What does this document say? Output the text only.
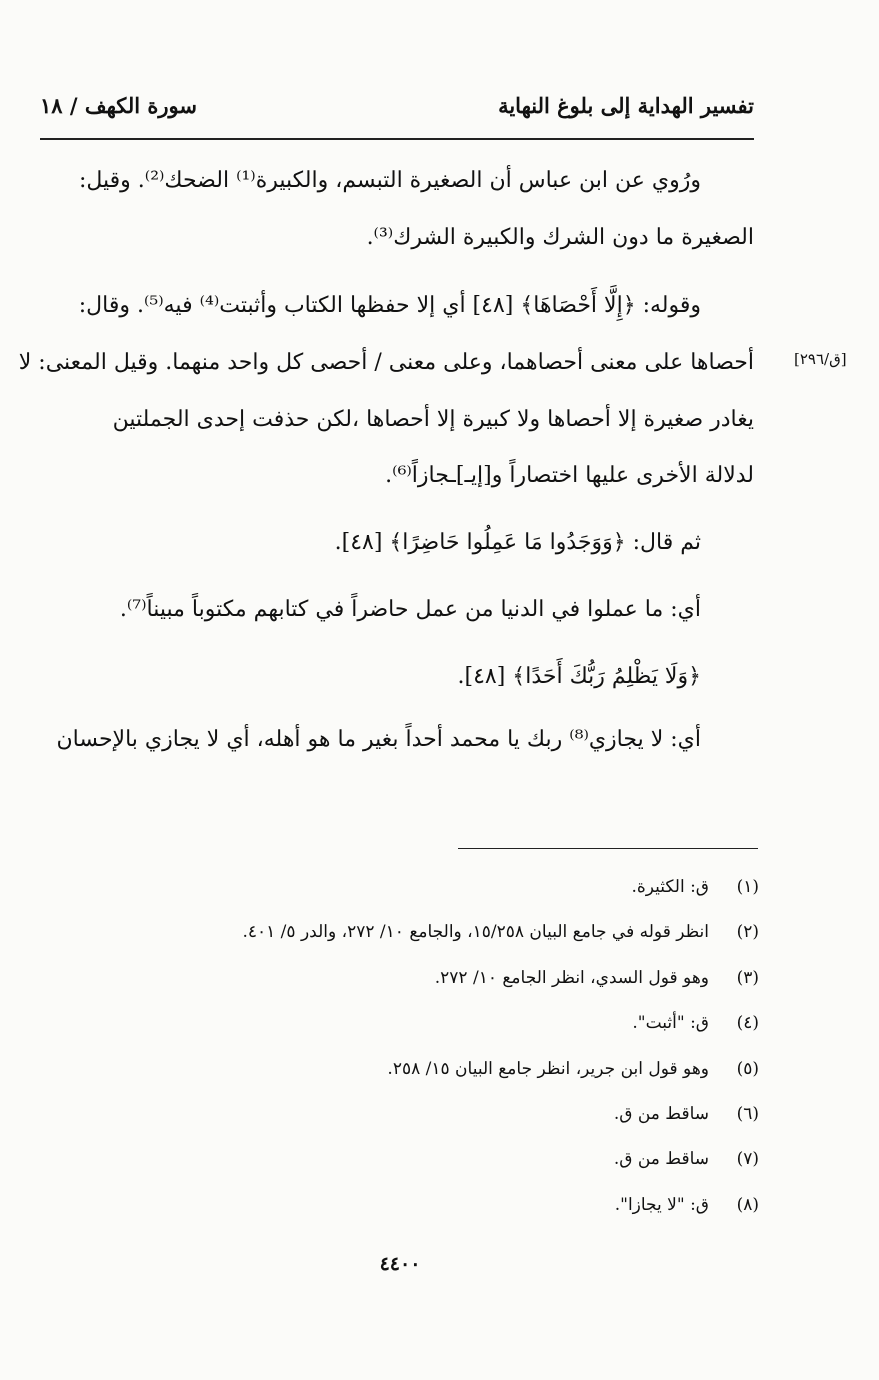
تفسير الهداية إلى بلوغ النهاية
سورة الكهف / ١٨
[ق/٢٩٦]
ورُوي عن ابن عباس أن الصغيرة التبسم، والكبيرة⁽¹⁾ الضحك⁽²⁾. وقيل:
الصغيرة ما دون الشرك والكبيرة الشرك⁽³⁾.
وقوله: ﴿إِلَّا أَحْصَاهَا﴾ [٤٨] أي إلا حفظها الكتاب وأثبتت⁽⁴⁾ فيه⁽⁵⁾. وقال:
أحصاها على معنى أحصاهما، وعلى معنى / أحصى كل واحد منهما. وقيل المعنى: لا
يغادر صغيرة إلا أحصاها ولا كبيرة إلا أحصاها ،لكن حذفت إحدى الجملتين
لدلالة الأخرى عليها اختصاراً و[إيـ]ـجازاً⁽⁶⁾.
ثم قال: ﴿وَوَجَدُوا مَا عَمِلُوا حَاضِرًا﴾ [٤٨].
أي: ما عملوا في الدنيا من عمل حاضراً في كتابهم مكتوباً مبيناً⁽⁷⁾.
﴿وَلَا يَظْلِمُ رَبُّكَ أَحَدًا﴾ [٤٨].
أي: لا يجازي⁽⁸⁾ ربك يا محمد أحداً بغير ما هو أهله، أي لا يجازي بالإحسان
(١)ق: الكثيرة.
(٢)انظر قوله في جامع البيان ١٥/٢٥٨، والجامع ١٠/ ٢٧٢، والدر ٥/ ٤٠١.
(٣)وهو قول السدي، انظر الجامع ١٠/ ٢٧٢.
(٤)ق: "أثبت".
(٥)وهو قول ابن جرير، انظر جامع البيان ١٥/ ٢٥٨.
(٦)ساقط من ق.
(٧)ساقط من ق.
(٨)ق: "لا يجازا".
٤٤٠٠
